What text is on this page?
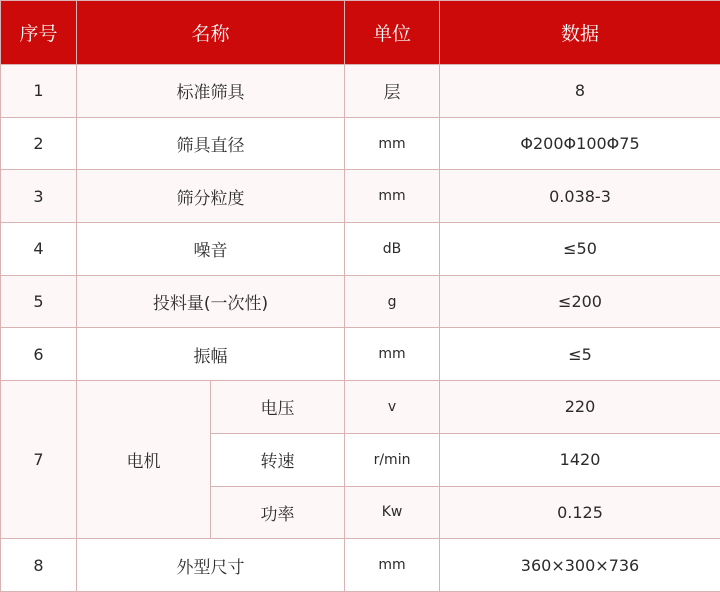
序号	名称		单位	数据
1	标准筛具		层	8
2	筛具直径		mm	Φ200Φ100Φ75
3	筛分粒度		mm	0.038-3
4	噪音		dB	≤50
5	投料量(一次性)		g	≤200
6	振幅		mm	≤5
7	电机	电压	v	220
		转速	r/min	1420
		功率	Kw	0.125
8	外型尺寸		mm	360×300×736
